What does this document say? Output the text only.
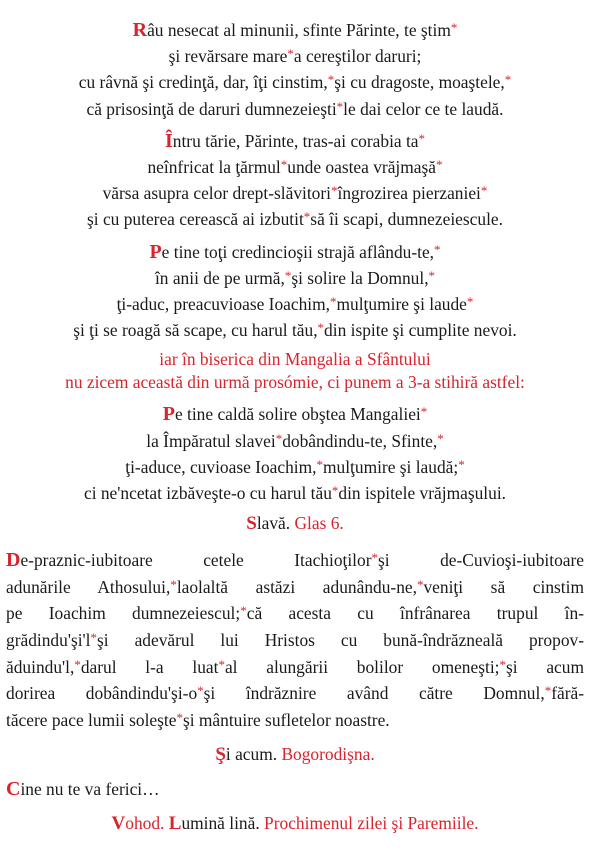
Râu nesecat al minunii, sfinte Părinte, te ştim*
şi revărsare mare*a cereştilor daruri;
cu râvnă şi credinţă, dar, îţi cinstim,*şi cu dragoste, moaştele,*
că prisosinţă de daruri dumnezeieşti*le dai celor ce te laudă.
Întru tărie, Părinte, tras-ai corabia ta*
neînfricat la ţărmul*unde oastea vrăjmaşă*
vărsa asupra celor drept-slăvitori*îngrozirea pierzaniei*
şi cu puterea cerească ai izbutit*să îi scapi, dumnezeiescule.
Pe tine toţi credincioşii strajă aflându-te,*
în anii de pe urmă,*şi solire la Domnul,*
ţi-aduc, preacuvioase Ioachim,*mulţumire şi laude*
şi ţi se roagă să scape, cu harul tău,*din ispite şi cumplite nevoi.
iar în biserica din Mangalia a Sfântului
nu zicem această din urmă prosómie, ci punem a 3-a stihiră astfel:
Pe tine caldă solire obştea Mangaliei*
la Împăratul slavei*dobândindu-te, Sfinte,*
ţi-aduce, cuvioase Ioachim,*mulţumire şi laudă;*
ci ne'ncetat izbăveşte-o cu harul tău*din ispitele vrăjmaşului.
Slavă. Glas 6.
De-praznic-iubitoare cetele Itachioţilor*şi de-Cuvioşi-iubitoare
adunările Athosului,*laolaltă astăzi adunându-ne,*veniţi să cinstim
pe Ioachim dumnezeiescul;*că acesta cu înfrânarea trupul în-
grădindu'şi'l*şi adevărul lui Hristos cu bună-îndrăzneală propov-
ăduindu'l,*darul l-a luat*al alungării bolilor omeneşti;*şi acum
dorirea dobândindu'şi-o*şi îndrăznire având către Domnul,*fără-
tăcere pace lumii soleşte*şi mântuire sufletelor noastre.
Şi acum. Bogorodişna.
Cine nu te va ferici…
Vohod. Lumină lină. Prochimenul zilei şi Paremiile.
